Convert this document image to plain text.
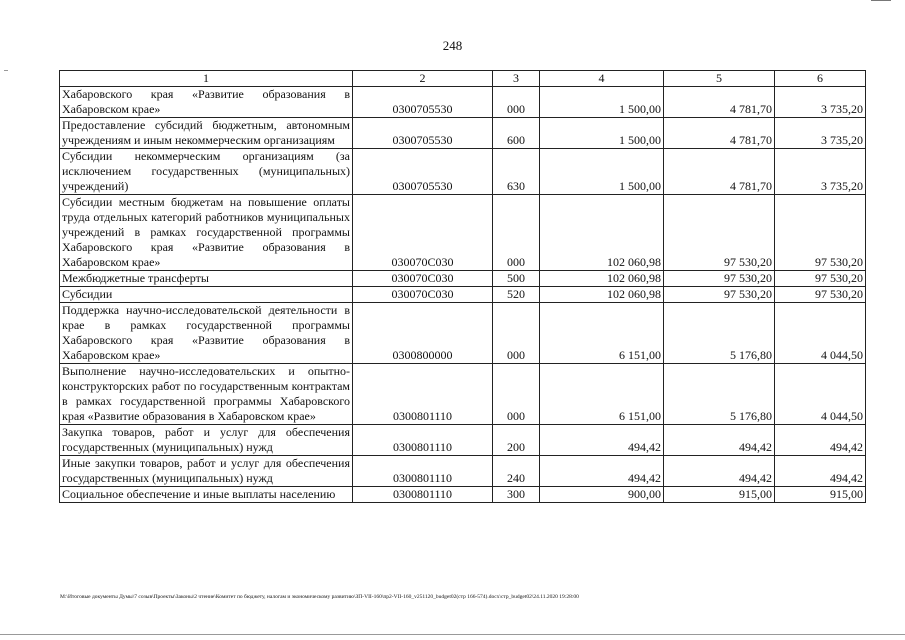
248
1	2	3	4	5	6
Хабаровского края «Развитие образования в Хабаровском крае»	0300705530	000	1 500,00	4 781,70	3 735,20
Предоставление субсидий бюджетным, автономным учреждениям и иным некоммерческим организациям	0300705530	600	1 500,00	4 781,70	3 735,20
Субсидии некоммерческим организациям (за исключением государственных (муниципальных) учреждений)	0300705530	630	1 500,00	4 781,70	3 735,20
Субсидии местным бюджетам на повышение оплаты труда отдельных категорий работников муниципальных учреждений в рамках государственной программы Хабаровского края «Развитие образования в Хабаровском крае»	030070С030	000	102 060,98	97 530,20	97 530,20
Межбюджетные трансферты	030070С030	500	102 060,98	97 530,20	97 530,20
Субсидии	030070С030	520	102 060,98	97 530,20	97 530,20
Поддержка научно-исследовательской деятельности в крае в рамках государственной программы Хабаровского края «Развитие образования в Хабаровском крае»	0300800000	000	6 151,00	5 176,80	4 044,50
Выполнение научно-исследовательских и опытно-конструкторских работ по государственным контрактам в рамках государственной программы Хабаровского края «Развитие образования в Хабаровском крае»	0300801110	000	6 151,00	5 176,80	4 044,50
Закупка товаров, работ и услуг для обеспечения государственных (муниципальных) нужд	0300801110	200	494,42	494,42	494,42
Иные закупки товаров, работ и услуг для обеспечения государственных (муниципальных) нужд	0300801110	240	494,42	494,42	494,42
Социальное обеспечение и иные выплаты населению	0300801110	300	900,00	915,00	915,00
M:\Итоговые документы Думы\7 созыв\Проекты\Законы\2 чтение\Комитет по бюджету, налогам и экономическому развитию\ЗП-VII-160\пр2-VII-160_v251120_budget02(стр 166-574).docx\стр_budget02\24.11.2020 19:28:00
